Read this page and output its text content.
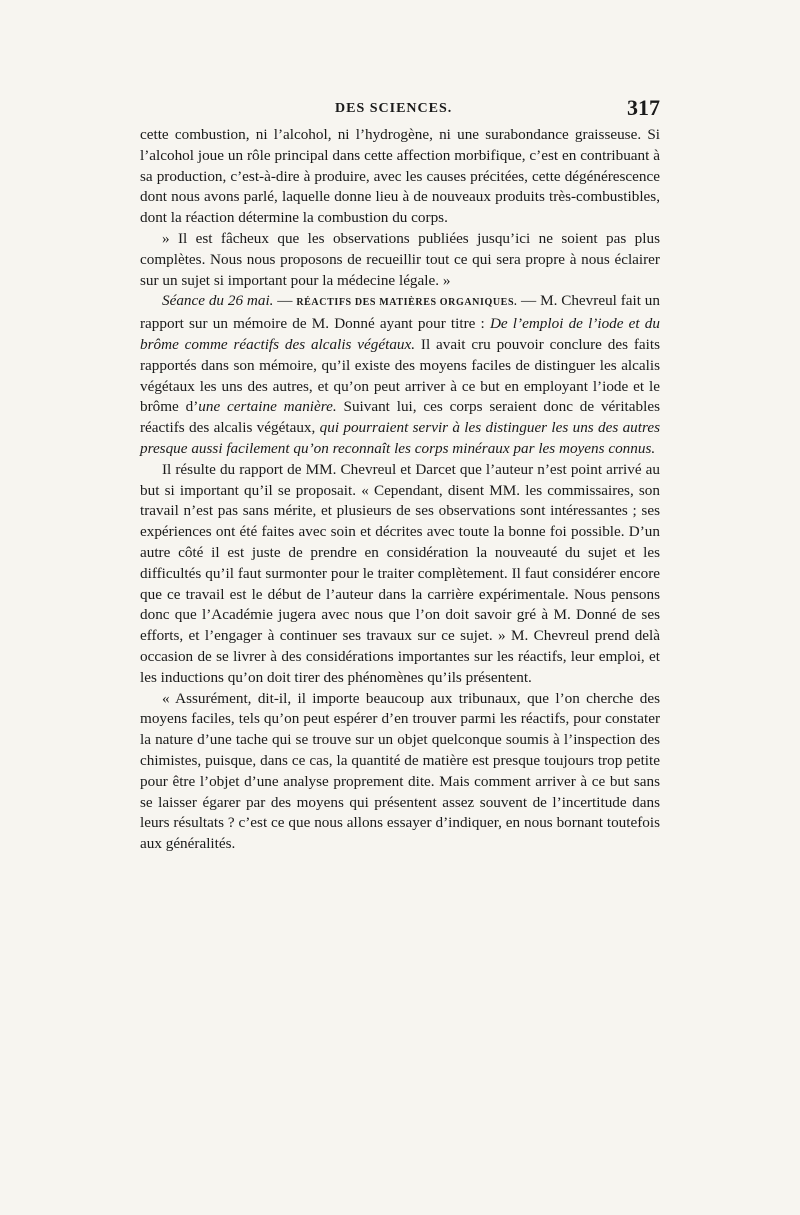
DES SCIENCES.	317

cette combustion, ni l’alcohol, ni l’hydrogène, ni une surabondance graisseuse. Si l’alcohol joue un rôle principal dans cette affection morbifique, c’est en contribuant à sa production, c’est-à-dire à produire, avec les causes précitées, cette dégénérescence dont nous avons parlé, laquelle donne lieu à de nouveaux produits très-combustibles, dont la réaction détermine la combustion du corps.

» Il est fâcheux que les observations publiées jusqu’ici ne soient pas plus complètes. Nous nous proposons de recueillir tout ce qui sera propre à nous éclairer sur un sujet si important pour la médecine légale. »

Séance du 26 mai. — RÉACTIFS DES MATIÈRES ORGANIQUES. — M. Chevreul fait un rapport sur un mémoire de M. Donné ayant pour titre : De l’emploi de l’iode et du brôme comme réactifs des alcalis végétaux. Il avait cru pouvoir conclure des faits rapportés dans son mémoire, qu’il existe des moyens faciles de distinguer les alcalis végétaux les uns des autres, et qu’on peut arriver à ce but en employant l’iode et le brôme d’une certaine manière. Suivant lui, ces corps seraient donc de véritables réactifs des alcalis végétaux, qui pourraient servir à les distinguer les uns des autres presque aussi facilement qu’on reconnaît les corps minéraux par les moyens connus.

Il résulte du rapport de MM. Chevreul et Darcet que l’auteur n’est point arrivé au but si important qu’il se proposait. « Cependant, disent MM. les commissaires, son travail n’est pas sans mérite, et plusieurs de ses observations sont intéressantes ; ses expériences ont été faites avec soin et décrites avec toute la bonne foi possible. D’un autre côté il est juste de prendre en considération la nouveauté du sujet et les difficultés qu’il faut surmonter pour le traiter complètement. Il faut considérer encore que ce travail est le début de l’auteur dans la carrière expérimentale. Nous pensons donc que l’Académie jugera avec nous que l’on doit savoir gré à M. Donné de ses efforts, et l’engager à continuer ses travaux sur ce sujet. » M. Chevreul prend delà occasion de se livrer à des considérations importantes sur les réactifs, leur emploi, et les inductions qu’on doit tirer des phénomènes qu’ils présentent.

« Assurément, dit-il, il importe beaucoup aux tribunaux, que l’on cherche des moyens faciles, tels qu’on peut espérer d’en trouver parmi les réactifs, pour constater la nature d’une tache qui se trouve sur un objet quelconque soumis à l’inspection des chimistes, puisque, dans ce cas, la quantité de matière est presque toujours trop petite pour être l’objet d’une analyse proprement dite. Mais comment arriver à ce but sans se laisser égarer par des moyens qui présentent assez souvent de l’incertitude dans leurs résultats ? c’est ce que nous allons essayer d’indiquer, en nous bornant toutefois aux généralités.
